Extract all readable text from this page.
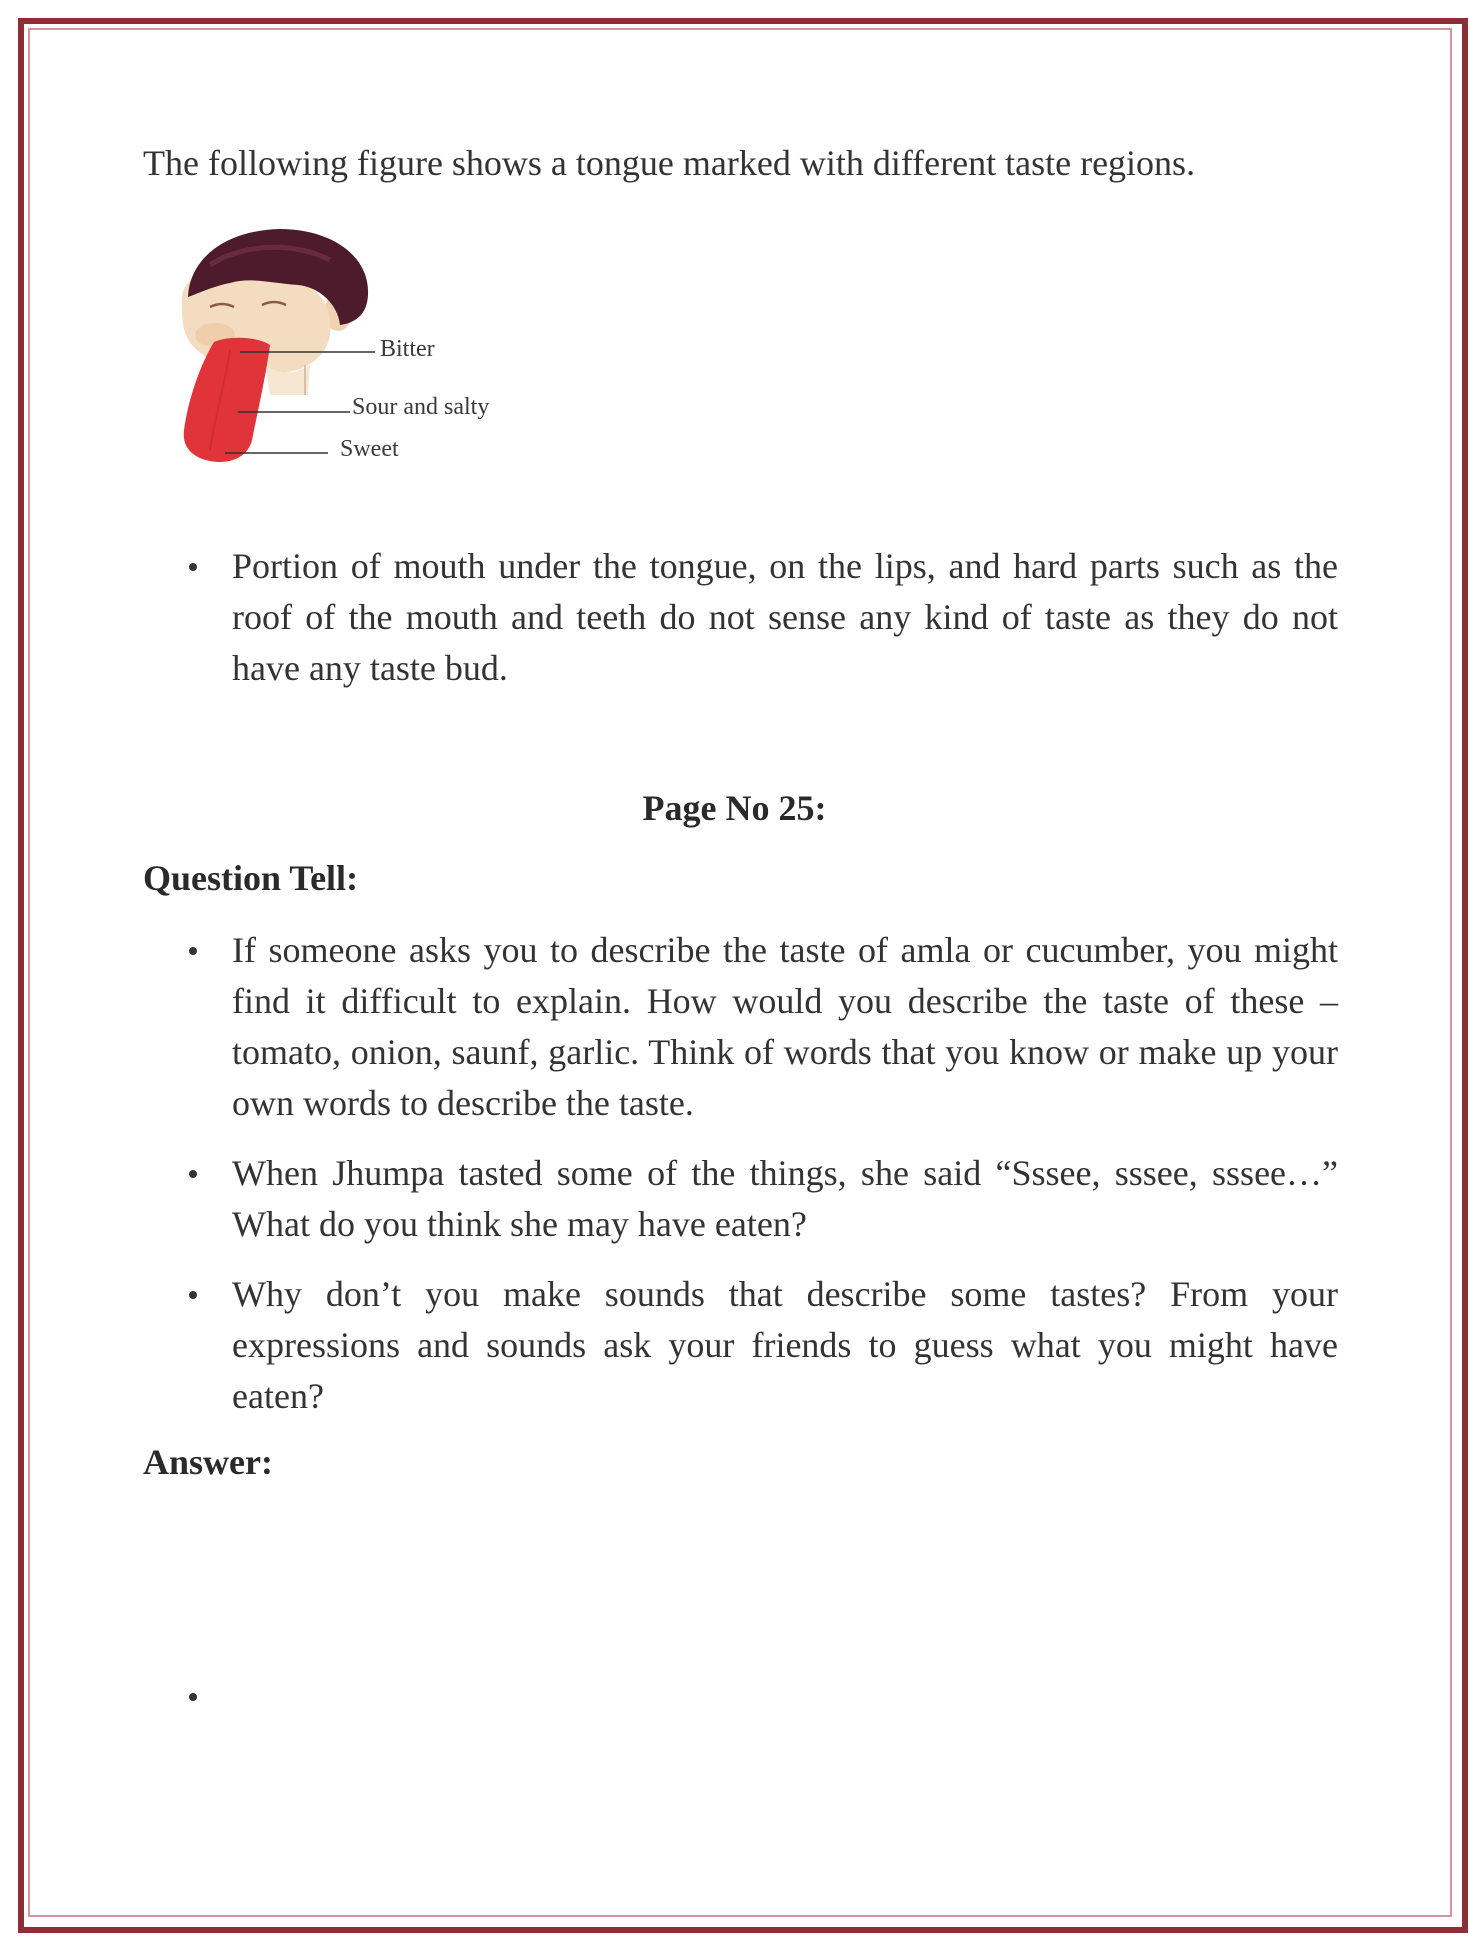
The following figure shows a tongue marked with different taste regions.

Bitter
Sour and salty
Sweet
Portion of mouth under the tongue, on the lips, and hard parts such as the roof of the mouth and teeth do not sense any kind of taste as they do not have any taste bud.
Page No 25:
Question Tell:
If someone asks you to describe the taste of amla or cucumber, you might find it difficult to explain. How would you describe the taste of these – tomato, onion, saunf, garlic. Think of words that you know or make up your own words to describe the taste.
When Jhumpa tasted some of the things, she said “Sssee, sssee, sssee…” What do you think she may have eaten?
Why don’t you make sounds that describe some tastes? From your expressions and sounds ask your friends to guess what you might have eaten?
Answer:
